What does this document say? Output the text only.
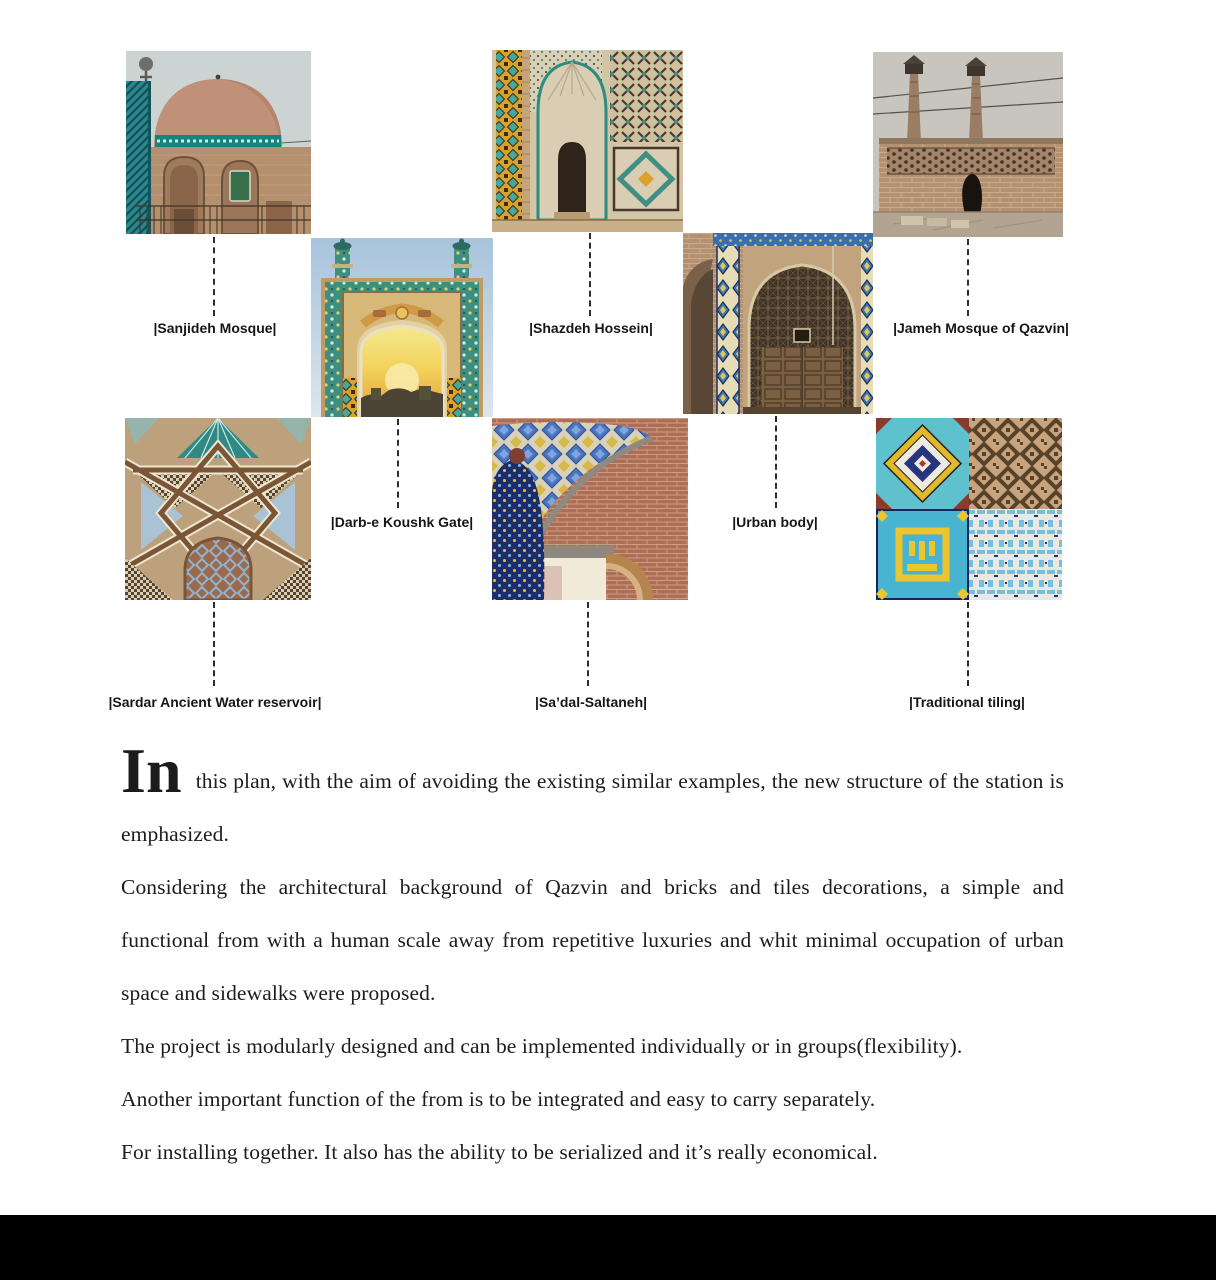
|Sanjideh Mosque|	|Shazdeh Hossein|	|Jameh Mosque of Qazvin|
|Darb-e Koushk Gate|	|Urban body|
|Sardar Ancient Water reservoir|	|Sa’dal-Saltaneh|	|Traditional tiling|

In this plan, with the aim of avoiding the existing similar examples, the new structure of the station is emphasized.

Considering the architectural background of Qazvin and bricks and tiles decorations, a simple and functional from with a human scale away from repetitive luxuries and whit minimal occupation of urban space and sidewalks were proposed.

The project is modularly designed and can be implemented individually or in groups(flexibility).

Another important function of the from is to be integrated and easy to carry separately.

For installing together. It also has the ability to be serialized and it’s really economical.
